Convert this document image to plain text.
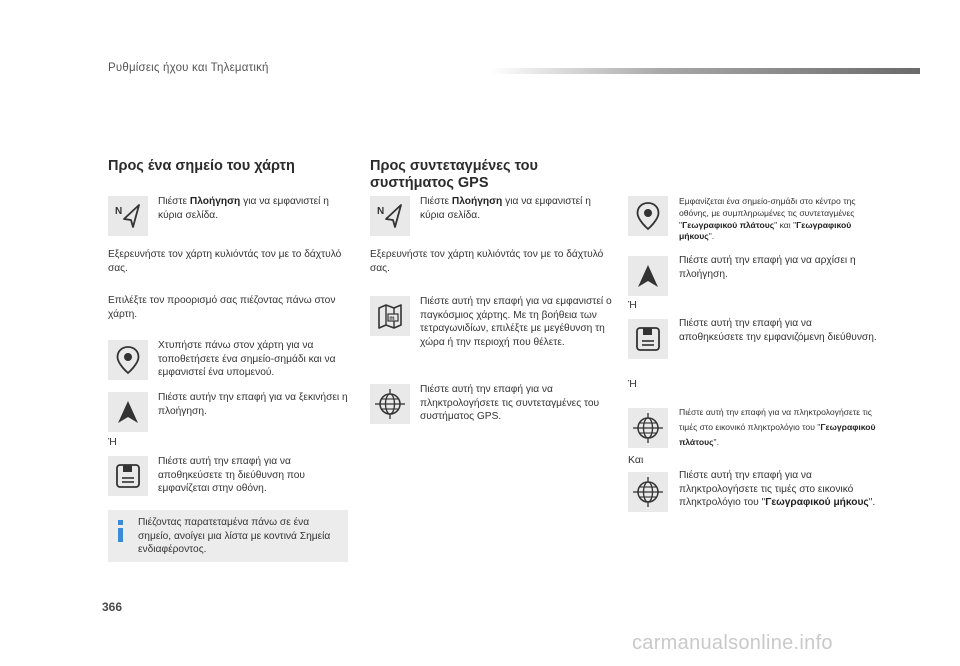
Ρυθμίσεις ήχου και Τηλεματική
Προς ένα σημείο του χάρτη
N
Πιέστε Πλοήγηση για να εμφανιστεί η κύρια σελίδα.
Εξερευνήστε τον χάρτη κυλιόντάς τον με το δάχτυλό σας.
Επιλέξτε τον προορισμό σας πιέζοντας πάνω στον χάρτη.
Χτυπήστε πάνω στον χάρτη για να τοποθετήσετε ένα σημείο-σημάδι και να εμφανιστεί ένα υπομενού.
Πιέστε αυτήν την επαφή για να ξεκινήσει η πλοήγηση.
Ή
Πιέστε αυτή την επαφή για να αποθηκεύσετε τη διεύθυνση που εμφανίζεται στην οθόνη.
Πιέζοντας παρατεταμένα πάνω σε ένα σημείο, ανοίγει μια λίστα με κοντινά Σημεία ενδιαφέροντος.
Προς συντεταγμένες του
συστήματος GPS
N
Πιέστε Πλοήγηση για να εμφανιστεί η κύρια σελίδα.
Εξερευνήστε τον χάρτη κυλιόντάς τον με το δάχτυλό σας.
m
Πιέστε αυτή την επαφή για να εμφανιστεί ο παγκόσμιος χάρτης. Με τη βοήθεια των τετραγωνιδίων, επιλέξτε με μεγέθυνση τη χώρα ή την περιοχή που θέλετε.
Πιέστε αυτή την επαφή για να πληκτρολογήσετε τις συντεταγμένες του συστήματος GPS.
Εμφανίζεται ένα σημείο-σημάδι στο κέντρο της οθόνης, με συμπληρωμένες τις συντεταγμένες "Γεωγραφικού πλάτους" και "Γεωγραφικού μήκους".
Πιέστε αυτή την επαφή για να αρχίσει η πλοήγηση.
Ή
Πιέστε αυτή την επαφή για να αποθηκεύσετε την εμφανιζόμενη διεύθυνση.
Ή
Πιέστε αυτή την επαφή για να πληκτρολογήσετε τις τιμές στο εικονικό πληκτρολόγιο του "Γεωγραφικού πλάτους".
Και
Πιέστε αυτή την επαφή για να πληκτρολογήσετε τις τιμές στο εικονικό πληκτρολόγιο του "Γεωγραφικού μήκους".
366
carmanualsonline.info
